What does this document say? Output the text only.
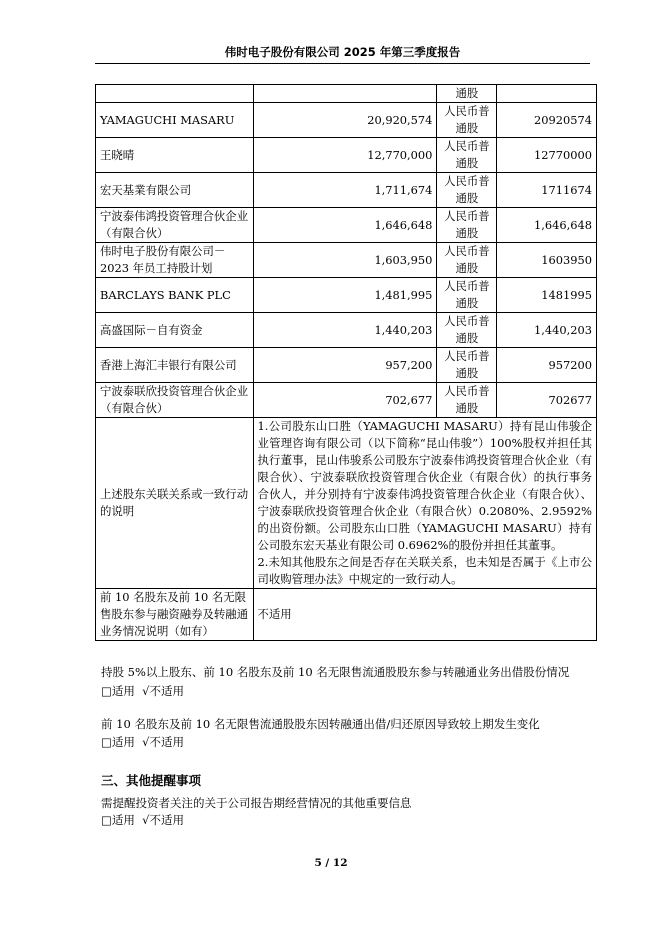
伟时电子股份有限公司 2025 年第三季度报告
		通股	
YAMAGUCHI MASARU	20,920,574	人民币普通股	20920574
王晓晴	12,770,000	人民币普通股	12770000
宏天基業有限公司	1,711,674	人民币普通股	1711674
宁波泰伟鸿投资管理合伙企业（有限合伙）	1,646,648	人民币普通股	1,646,648
伟时电子股份有限公司－2023 年员工持股计划	1,603,950	人民币普通股	1603950
BARCLAYS BANK PLC	1,481,995	人民币普通股	1481995
高盛国际－自有资金	1,440,203	人民币普通股	1,440,203
香港上海汇丰银行有限公司	957,200	人民币普通股	957200
宁波泰联欣投资管理合伙企业（有限合伙）	702,677	人民币普通股	702677
上述股东关联关系或一致行动的说明	1.公司股东山口胜（YAMAGUCHI MASARU）持有昆山伟骏企业管理咨询有限公司（以下简称“昆山伟骏”）100%股权并担任其执行董事，昆山伟骏系公司股东宁波泰伟鸿投资管理合伙企业（有限合伙）、宁波泰联欣投资管理合伙企业（有限合伙）的执行事务合伙人，并分别持有宁波泰伟鸿投资管理合伙企业（有限合伙）、宁波泰联欣投资管理合伙企业（有限合伙）0.2080%、2.9592%的出资份额。公司股东山口胜（YAMAGUCHI MASARU）持有公司股东宏天基业有限公司 0.6962%的股份并担任其董事。
2.未知其他股东之间是否存在关联关系，也未知是否属于《上市公司收购管理办法》中规定的一致行动人。		

前 10 名股东及前 10 名无限售股东参与融资融券及转融通业务情况说明（如有）	不适用		
持股 5%以上股东、前 10 名股东及前 10 名无限售流通股股东参与转融通业务出借股份情况
□适用  √不适用
前 10 名股东及前 10 名无限售流通股股东因转融通出借/归还原因导致较上期发生变化
□适用  √不适用
三、其他提醒事项
需提醒投资者关注的关于公司报告期经营情况的其他重要信息
□适用  √不适用
5 / 12
